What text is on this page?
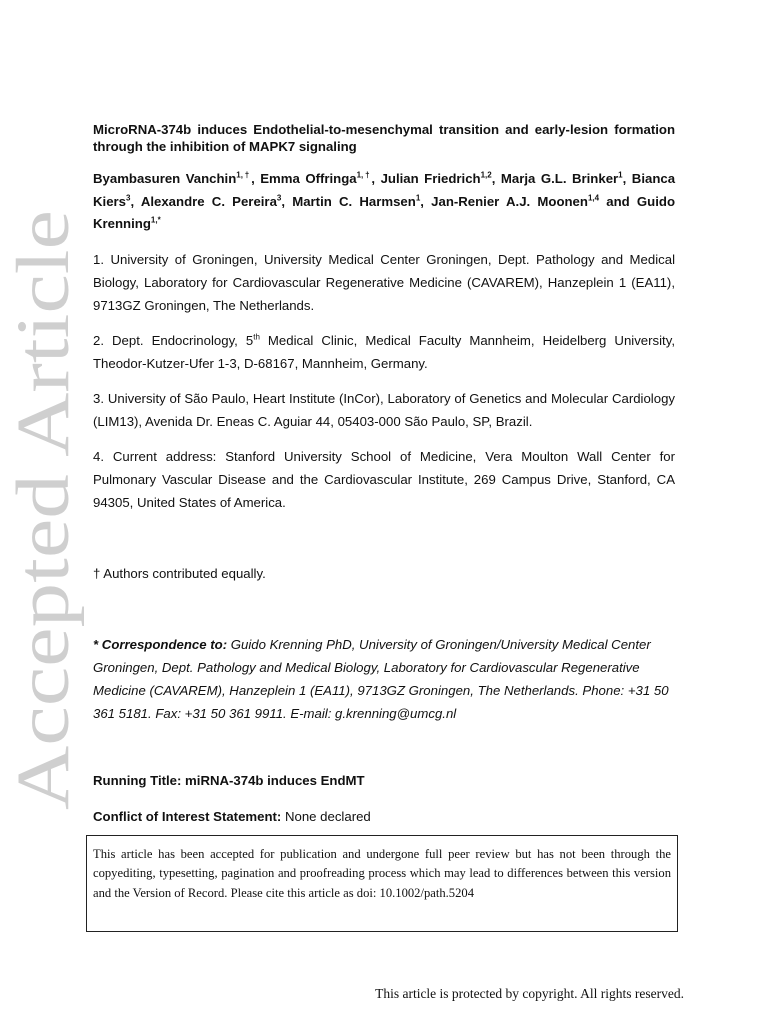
Accepted Article
MicroRNA-374b induces Endothelial-to-mesenchymal transition and early-lesion formation through the inhibition of MAPK7 signaling
Byambasuren Vanchin$^{1,\dagger}$, Emma Offringa$^{1,\dagger}$, Julian Friedrich$^{1,2}$, Marja G.L. Brinker$^1$, Bianca Kiers$^3$, Alexandre C. Pereira$^3$, Martin C. Harmsen$^1$, Jan-Renier A.J. Moonen$^{1,4}$ and Guido Krenning$^{1,*}$
1. University of Groningen, University Medical Center Groningen, Dept. Pathology and Medical Biology, Laboratory for Cardiovascular Regenerative Medicine (CAVAREM), Hanzeplein 1 (EA11), 9713GZ Groningen, The Netherlands.
2. Dept. Endocrinology, 5th Medical Clinic, Medical Faculty Mannheim, Heidelberg University, Theodor-Kutzer-Ufer 1-3, D-68167, Mannheim, Germany.
3. University of São Paulo, Heart Institute (InCor), Laboratory of Genetics and Molecular Cardiology (LIM13), Avenida Dr. Eneas C. Aguiar 44, 05403-000 São Paulo, SP, Brazil.
4. Current address: Stanford University School of Medicine, Vera Moulton Wall Center for Pulmonary Vascular Disease and the Cardiovascular Institute, 269 Campus Drive, Stanford, CA 94305, United States of America.
† Authors contributed equally.
* Correspondence to: Guido Krenning PhD, University of Groningen/University Medical Center Groningen, Dept. Pathology and Medical Biology, Laboratory for Cardiovascular Regenerative Medicine (CAVAREM), Hanzeplein 1 (EA11), 9713GZ Groningen, The Netherlands. Phone: +31 50 361 5181. Fax: +31 50 361 9911. E-mail: g.krenning@umcg.nl
Running Title: miRNA-374b induces EndMT
Conflict of Interest Statement: None declared
This article has been accepted for publication and undergone full peer review but has not been through the copyediting, typesetting, pagination and proofreading process which may lead to differences between this version and the Version of Record. Please cite this article as doi: 10.1002/path.5204
This article is protected by copyright. All rights reserved.
